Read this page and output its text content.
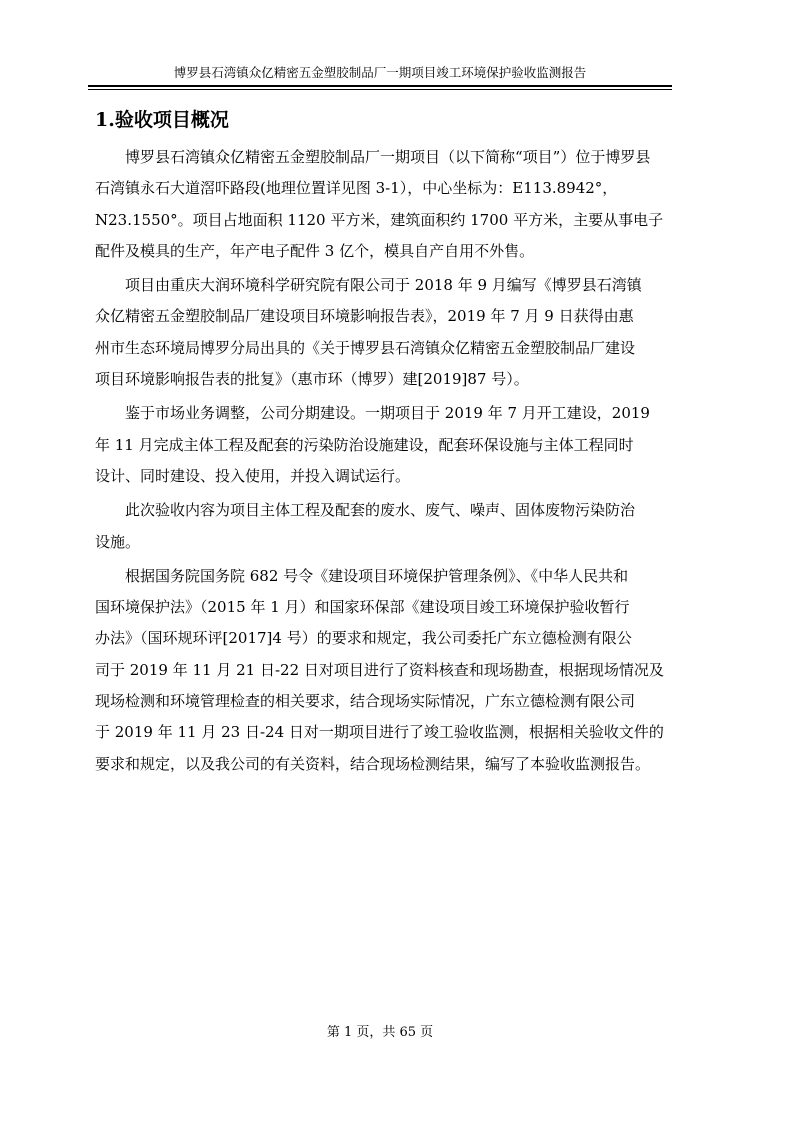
博罗县石湾镇众亿精密五金塑胶制品厂一期项目竣工环境保护验收监测报告
1.验收项目概况

博罗县石湾镇众亿精密五金塑胶制品厂一期项目（以下简称“项目”）位于博罗县
石湾镇永石大道滘吓路段(地理位置详见图 3-1），中心坐标为：E113.8942°，
N23.1550°。项目占地面积 1120 平方米，建筑面积约 1700 平方米，主要从事电子
配件及模具的生产，年产电子配件 3 亿个，模具自产自用不外售。

项目由重庆大润环境科学研究院有限公司于 2018 年 9 月编写《博罗县石湾镇
众亿精密五金塑胶制品厂建设项目环境影响报告表》，2019 年 7 月 9 日获得由惠
州市生态环境局博罗分局出具的《关于博罗县石湾镇众亿精密五金塑胶制品厂建设
项目环境影响报告表的批复》（惠市环（博罗）建[2019]87 号）。

鉴于市场业务调整，公司分期建设。一期项目于 2019 年 7 月开工建设，2019
年 11 月完成主体工程及配套的污染防治设施建设，配套环保设施与主体工程同时
设计、同时建设、投入使用，并投入调试运行。

此次验收内容为项目主体工程及配套的废水、废气、噪声、固体废物污染防治
设施。

根据国务院国务院 682 号令《建设项目环境保护管理条例》、《中华人民共和
国环境保护法》（2015 年 1 月）和国家环保部《建设项目竣工环境保护验收暂行
办法》（国环规环评[2017]4 号）的要求和规定，我公司委托广东立德检测有限公
司于 2019 年 11 月 21 日-22 日对项目进行了资料核查和现场勘查，根据现场情况及
现场检测和环境管理检查的相关要求，结合现场实际情况，广东立德检测有限公司
于 2019 年 11 月 23 日-24 日对一期项目进行了竣工验收监测，根据相关验收文件的
要求和规定，以及我公司的有关资料，结合现场检测结果，编写了本验收监测报告。

第 1 页，共 65 页
